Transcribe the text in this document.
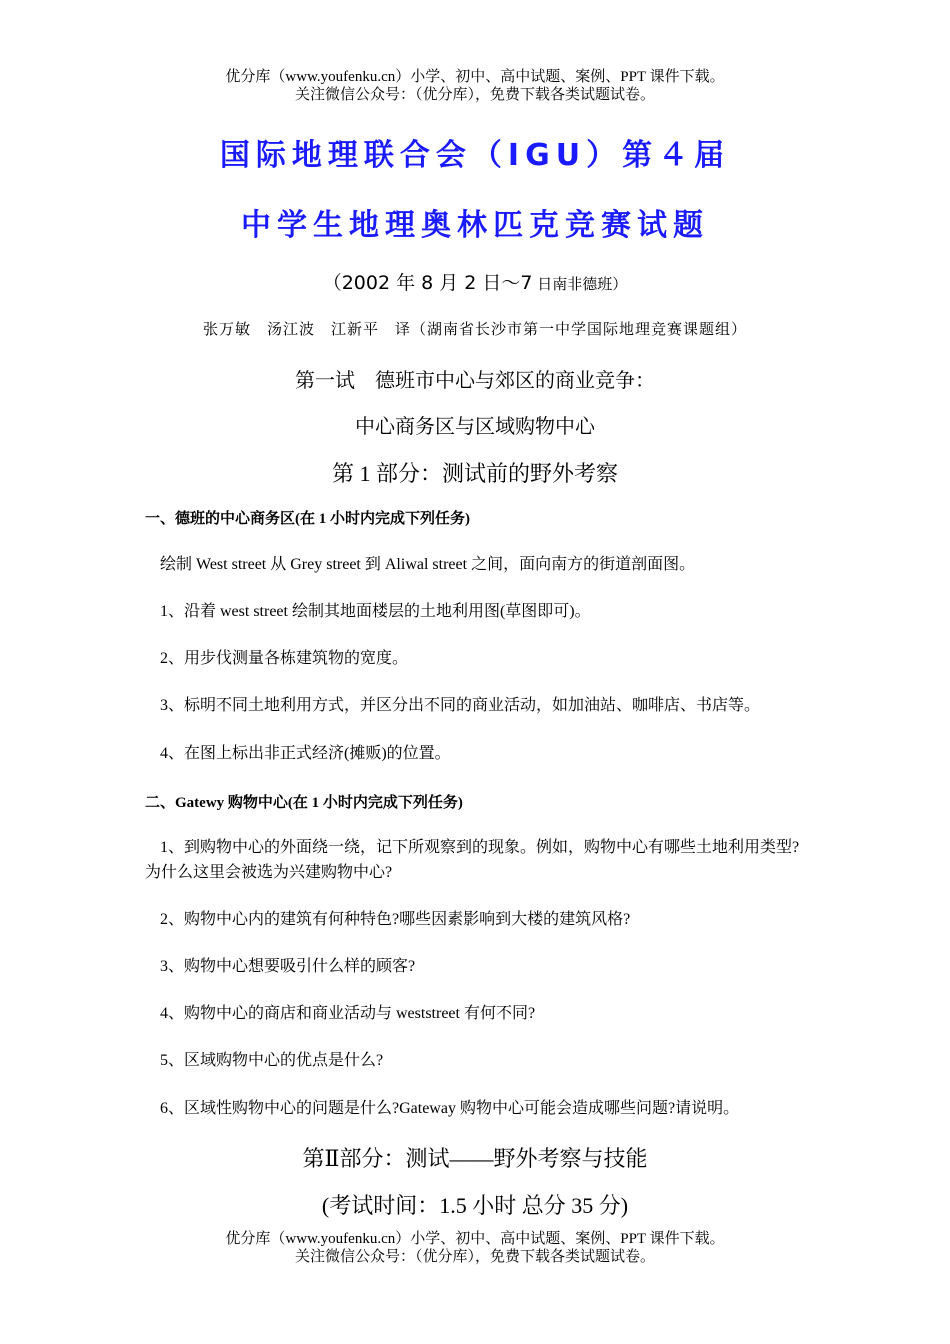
优分库（www.youfenku.cn）小学、初中、高中试题、案例、PPT 课件下载。
关注微信公众号：（优分库），免费下载各类试题试卷。
国际地理联合会（IGU）第４届
中学生地理奥林匹克竞赛试题
（2002 年 8 月 2 日～7 日南非德班）
张万敏　汤江波　江新平　译（湖南省长沙市第一中学国际地理竞赛课题组）
第一试　德班市中心与郊区的商业竞争：
中心商务区与区域购物中心
第 1 部分：测试前的野外考察
一、德班的中心商务区(在 1 小时内完成下列任务)
绘制 West street 从 Grey street 到 Aliwal street 之间，面向南方的街道剖面图。
1、沿着 west street 绘制其地面楼层的土地利用图(草图即可)。
2、用步伐测量各栋建筑物的宽度。
3、标明不同土地利用方式，并区分出不同的商业活动，如加油站、咖啡店、书店等。
4、在图上标出非正式经济(摊贩)的位置。
二、Gatewy 购物中心(在 1 小时内完成下列任务)
1、到购物中心的外面绕一绕，记下所观察到的现象。例如，购物中心有哪些土地利用类型?为什么这里会被选为兴建购物中心?
2、购物中心内的建筑有何种特色?哪些因素影响到大楼的建筑风格?
3、购物中心想要吸引什么样的顾客?
4、购物中心的商店和商业活动与 weststreet 有何不同?
5、区域购物中心的优点是什么?
6、区域性购物中心的问题是什么?Gateway 购物中心可能会造成哪些问题?请说明。
第Ⅱ部分：测试——野外考察与技能
(考试时间：1.5 小时 总分 35 分)
优分库（www.youfenku.cn）小学、初中、高中试题、案例、PPT 课件下载。
关注微信公众号：（优分库），免费下载各类试题试卷。
